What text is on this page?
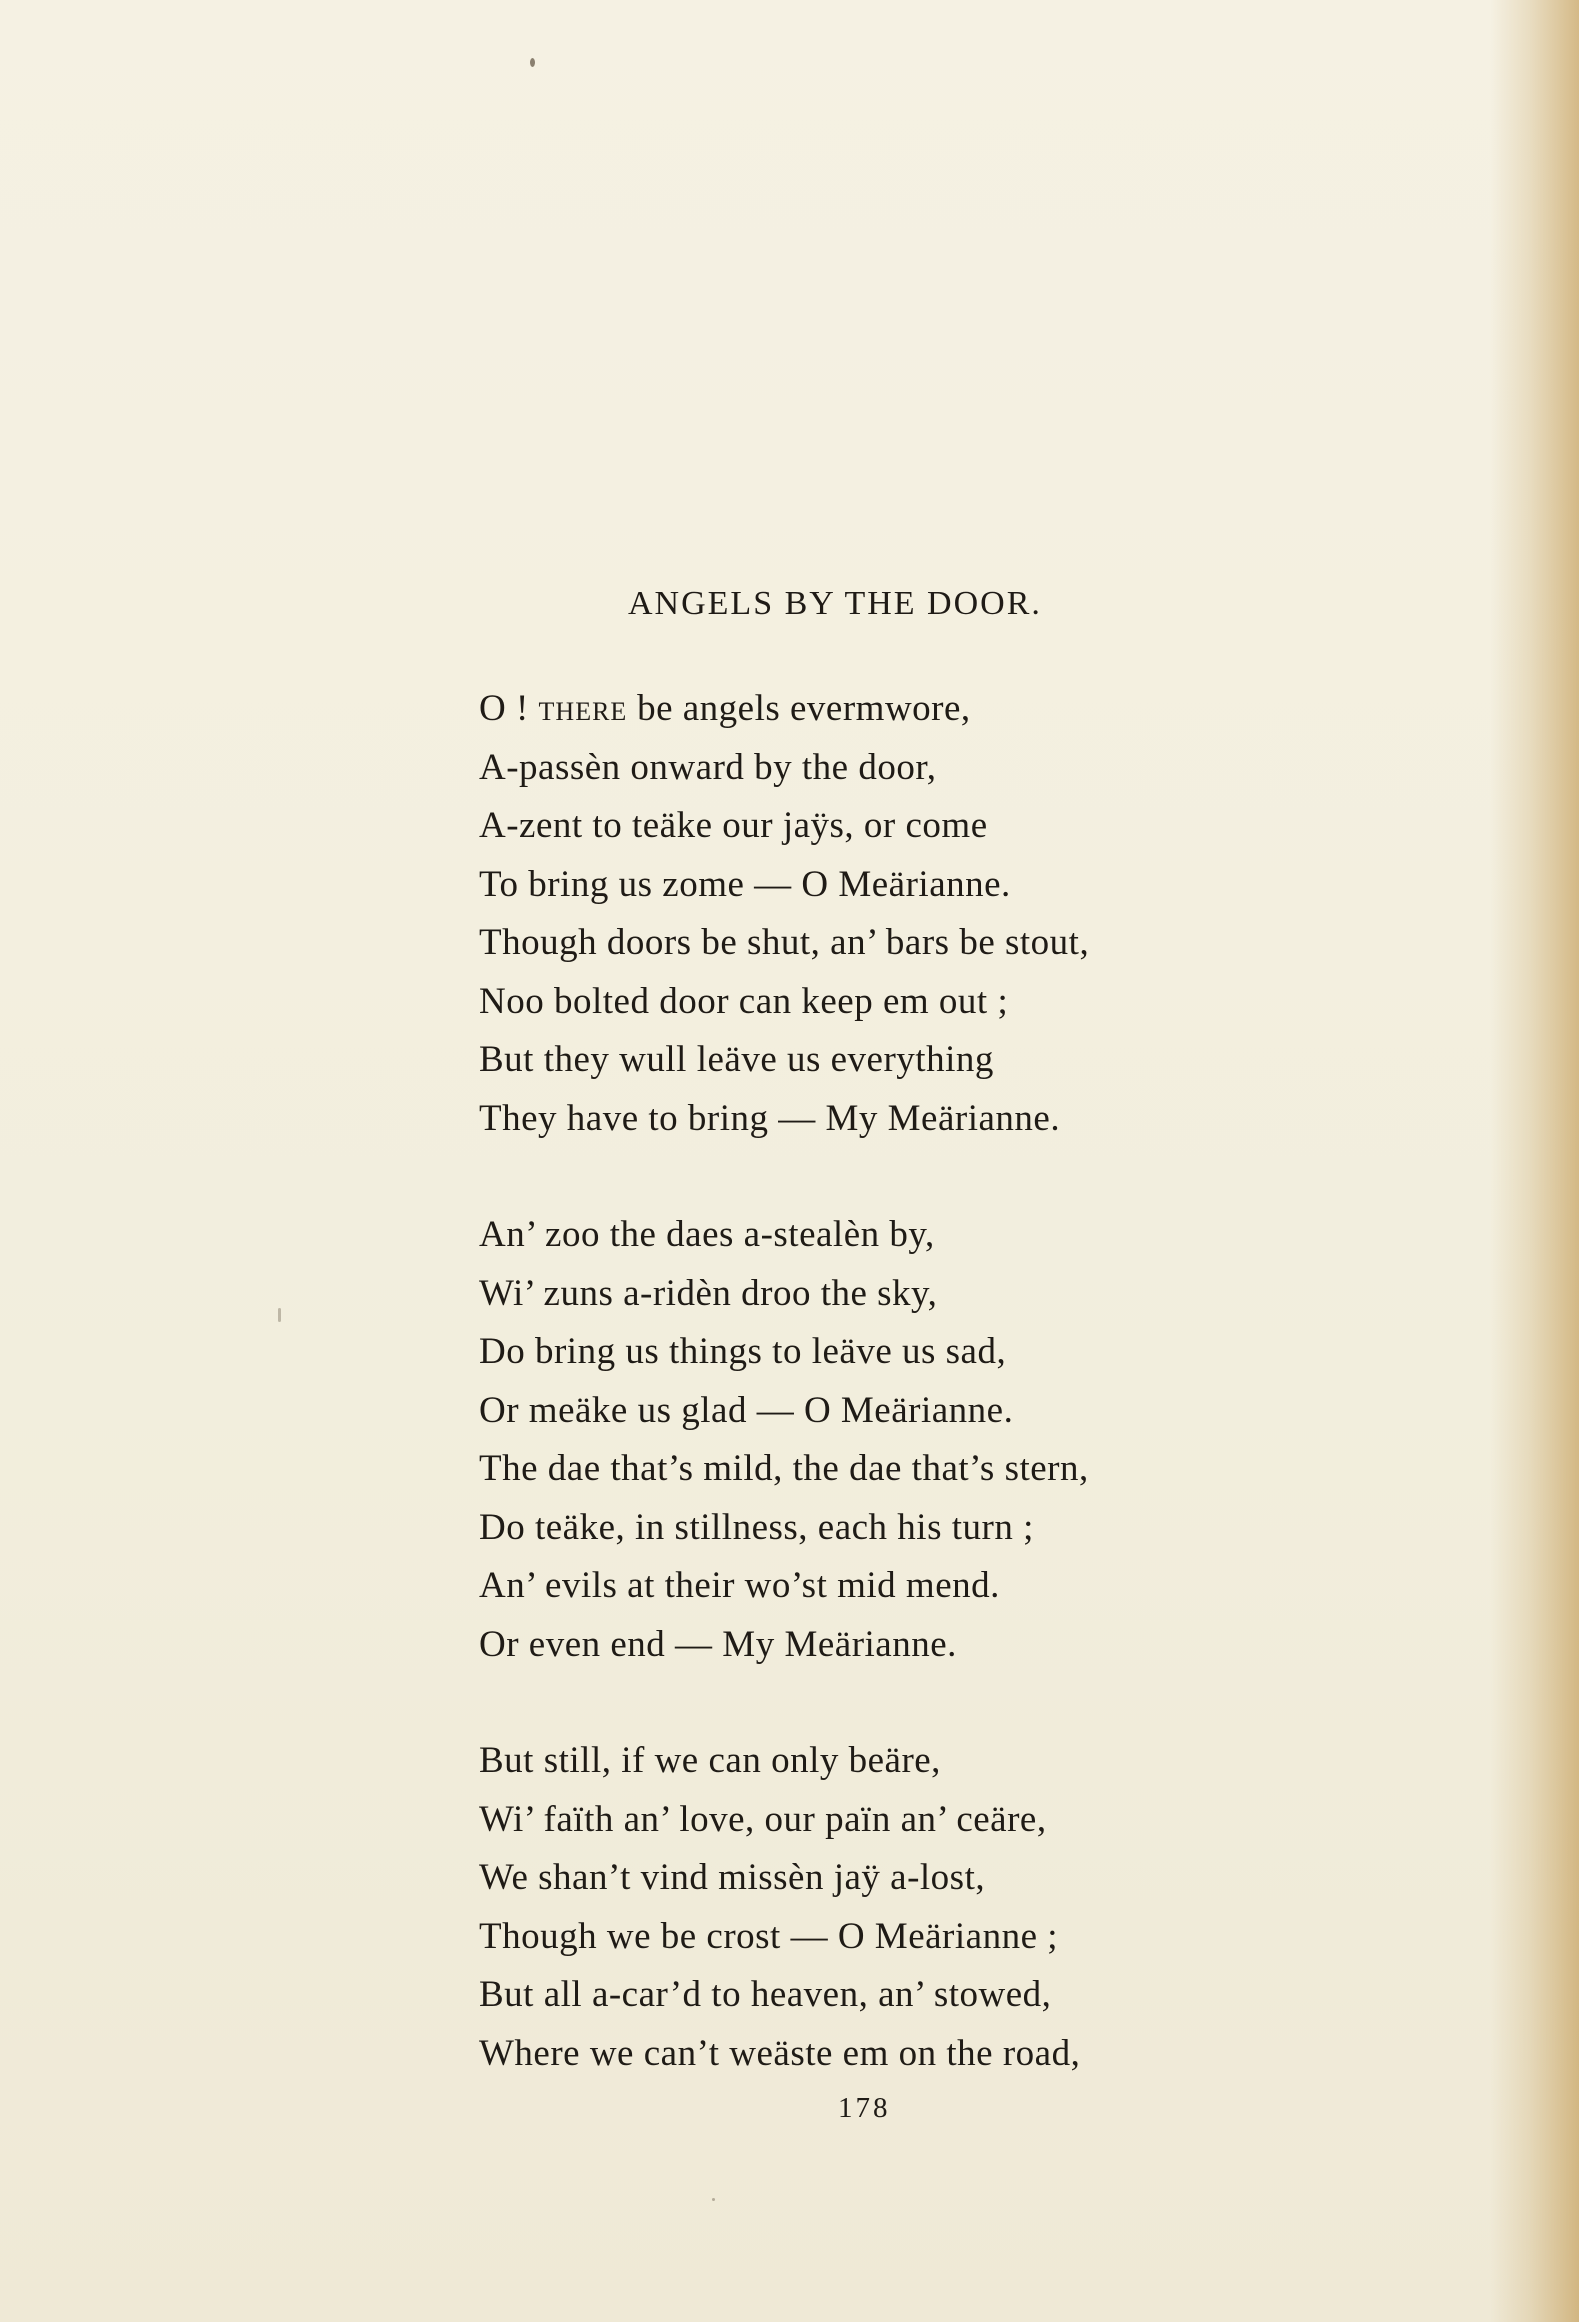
ANGELS BY THE DOOR.
O ! there be angels evermwore,
A-passèn onward by the door,
A-zent to teäke our jaÿs, or come
To bring us zome — O Meärianne.
Though doors be shut, an’ bars be stout,
Noo bolted door can keep em out ;
But they wull leäve us everything
They have to bring — My Meärianne.
An’ zoo the daes a-stealèn by,
Wi’ zuns a-ridèn droo the sky,
Do bring us things to leäve us sad,
Or meäke us glad — O Meärianne.
The dae that’s mild, the dae that’s stern,
Do teäke, in stillness, each his turn ;
An’ evils at their wo’st mid mend.
Or even end — My Meärianne.
But still, if we can only beäre,
Wi’ faïth an’ love, our païn an’ ceäre,
We shan’t vind missèn jaÿ a-lost,
Though we be crost — O Meärianne ;
But all a-car’d to heaven, an’ stowed,
Where we can’t weäste em on the road,
178
